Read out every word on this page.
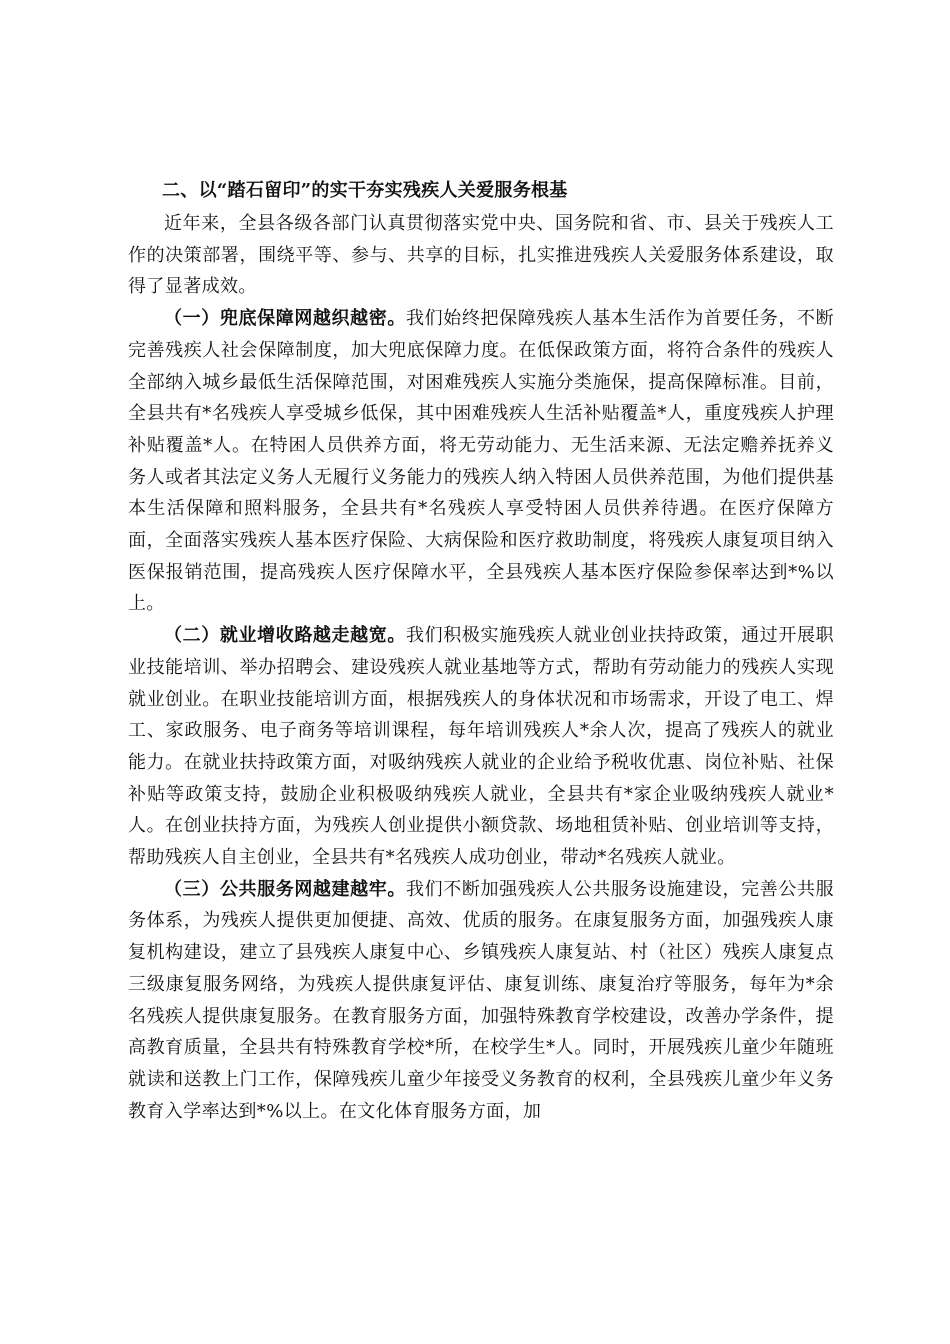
二、以“踏石留印”的实干夯实残疾人关爱服务根基

近年来，全县各级各部门认真贯彻落实党中央、国务院和省、市、县关于残疾人工作的决策部署，围绕平等、参与、共享的目标，扎实推进残疾人关爱服务体系建设，取得了显著成效。

（一）兜底保障网越织越密。我们始终把保障残疾人基本生活作为首要任务，不断完善残疾人社会保障制度，加大兜底保障力度。在低保政策方面，将符合条件的残疾人全部纳入城乡最低生活保障范围，对困难残疾人实施分类施保，提高保障标准。目前，全县共有*名残疾人享受城乡低保，其中困难残疾人生活补贴覆盖*人，重度残疾人护理补贴覆盖*人。在特困人员供养方面，将无劳动能力、无生活来源、无法定赡养抚养义务人或者其法定义务人无履行义务能力的残疾人纳入特困人员供养范围，为他们提供基本生活保障和照料服务，全县共有*名残疾人享受特困人员供养待遇。在医疗保障方面，全面落实残疾人基本医疗保险、大病保险和医疗救助制度，将残疾人康复项目纳入医保报销范围，提高残疾人医疗保障水平，全县残疾人基本医疗保险参保率达到*%以上。

（二）就业增收路越走越宽。我们积极实施残疾人就业创业扶持政策，通过开展职业技能培训、举办招聘会、建设残疾人就业基地等方式，帮助有劳动能力的残疾人实现就业创业。在职业技能培训方面，根据残疾人的身体状况和市场需求，开设了电工、焊工、家政服务、电子商务等培训课程，每年培训残疾人*余人次，提高了残疾人的就业能力。在就业扶持政策方面，对吸纳残疾人就业的企业给予税收优惠、岗位补贴、社保补贴等政策支持，鼓励企业积极吸纳残疾人就业，全县共有*家企业吸纳残疾人就业*人。在创业扶持方面，为残疾人创业提供小额贷款、场地租赁补贴、创业培训等支持，帮助残疾人自主创业，全县共有*名残疾人成功创业，带动*名残疾人就业。

（三）公共服务网越建越牢。我们不断加强残疾人公共服务设施建设，完善公共服务体系，为残疾人提供更加便捷、高效、优质的服务。在康复服务方面，加强残疾人康复机构建设，建立了县残疾人康复中心、乡镇残疾人康复站、村（社区）残疾人康复点三级康复服务网络，为残疾人提供康复评估、康复训练、康复治疗等服务，每年为*余名残疾人提供康复服务。在教育服务方面，加强特殊教育学校建设，改善办学条件，提高教育质量，全县共有特殊教育学校*所，在校学生*人。同时，开展残疾儿童少年随班就读和送教上门工作，保障残疾儿童少年接受义务教育的权利，全县残疾儿童少年义务教育入学率达到*%以上。在文化体育服务方面，加
